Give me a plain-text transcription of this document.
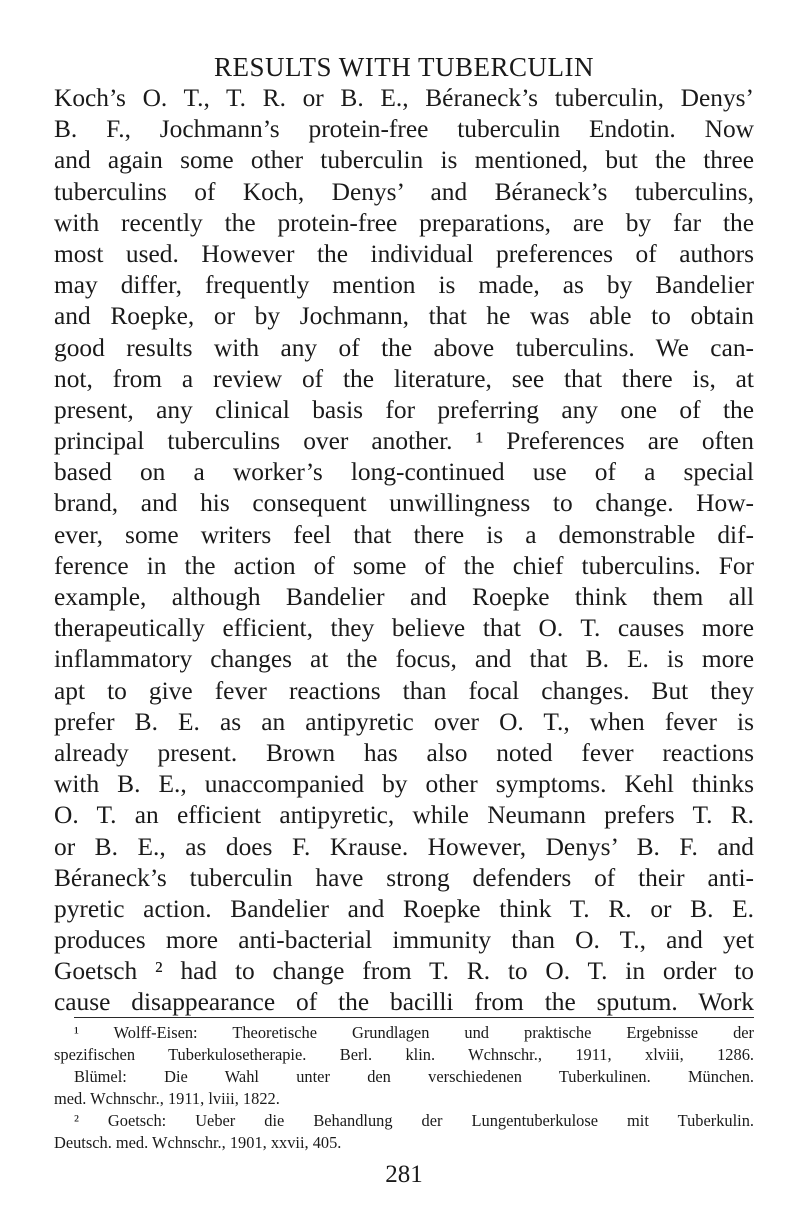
RESULTS WITH TUBERCULIN
Koch’s O. T., T. R. or B. E., Béraneck’s tuberculin, Denys’
B. F., Jochmann’s protein-free tuberculin Endotin. Now
and again some other tuberculin is mentioned, but the three
tuberculins of Koch, Denys’ and Béraneck’s tuberculins,
with recently the protein-free preparations, are by far the
most used. However the individual preferences of authors
may differ, frequently mention is made, as by Bandelier
and Roepke, or by Jochmann, that he was able to obtain
good results with any of the above tuberculins. We can-
not, from a review of the literature, see that there is, at
present, any clinical basis for preferring any one of the
principal tuberculins over another. ¹ Preferences are often
based on a worker’s long-continued use of a special
brand, and his consequent unwillingness to change. How-
ever, some writers feel that there is a demonstrable dif-
ference in the action of some of the chief tuberculins. For
example, although Bandelier and Roepke think them all
therapeutically efficient, they believe that O. T. causes more
inflammatory changes at the focus, and that B. E. is more
apt to give fever reactions than focal changes. But they
prefer B. E. as an antipyretic over O. T., when fever is
already present. Brown has also noted fever reactions
with B. E., unaccompanied by other symptoms. Kehl thinks
O. T. an efficient antipyretic, while Neumann prefers T. R.
or B. E., as does F. Krause. However, Denys’ B. F. and
Béraneck’s tuberculin have strong defenders of their anti-
pyretic action. Bandelier and Roepke think T. R. or B. E.
produces more anti-bacterial immunity than O. T., and yet
Goetsch ² had to change from T. R. to O. T. in order to
cause disappearance of the bacilli from the sputum. Work
¹ Wolff-Eisen: Theoretische Grundlagen und praktische Ergebnisse der
spezifischen Tuberkulosetherapie. Berl. klin. Wchnschr., 1911, xlviii, 1286.
Blümel: Die Wahl unter den verschiedenen Tuberkulinen. München.
med. Wchnschr., 1911, lviii, 1822.
² Goetsch: Ueber die Behandlung der Lungentuberkulose mit Tuberkulin.
Deutsch. med. Wchnschr., 1901, xxvii, 405.
281
